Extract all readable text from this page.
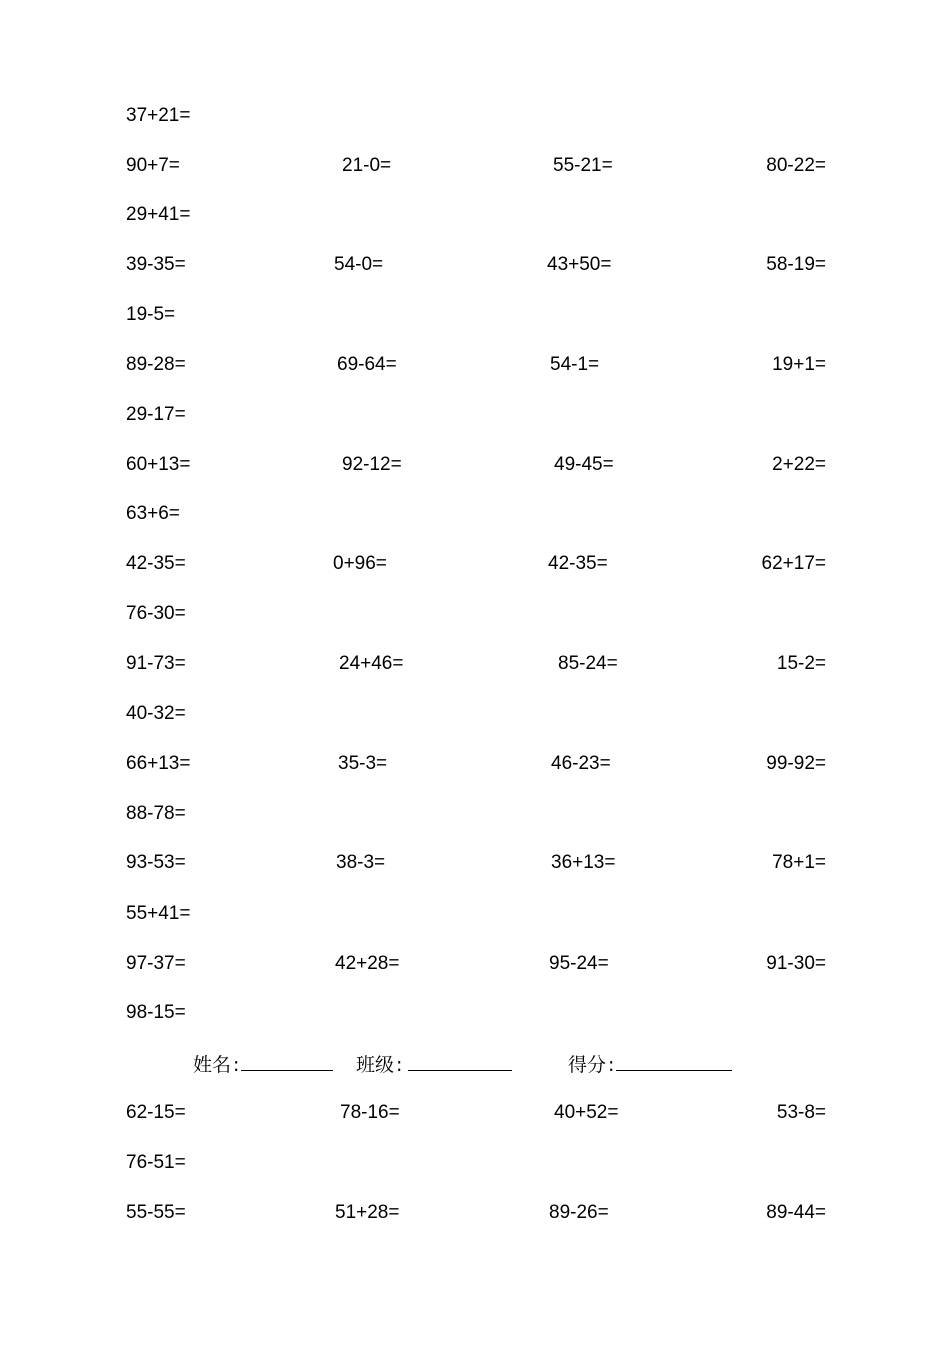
37+21=
90+7=	21-0=	55-21=	80-22=
29+41=
39-35=	54-0=	43+50=	58-19=
19-5=
89-28=	69-64=	54-1=	19+1=
29-17=
60+13=	92-12=	49-45=	2+22=
63+6=
42-35=	0+96=	42-35=	62+17=
76-30=
91-73=	24+46=	85-24=	15-2=
40-32=
66+13=	35-3=	46-23=	99-92=
88-78=
93-53=	38-3=	36+13=	78+1=
55+41=
97-37=	42+28=	95-24=	91-30=
98-15=
姓名 :	班级 :	得分 :
62-15=	78-16=	40+52=	53-8=
76-51=
55-55=	51+28=	89-26=	89-44=
